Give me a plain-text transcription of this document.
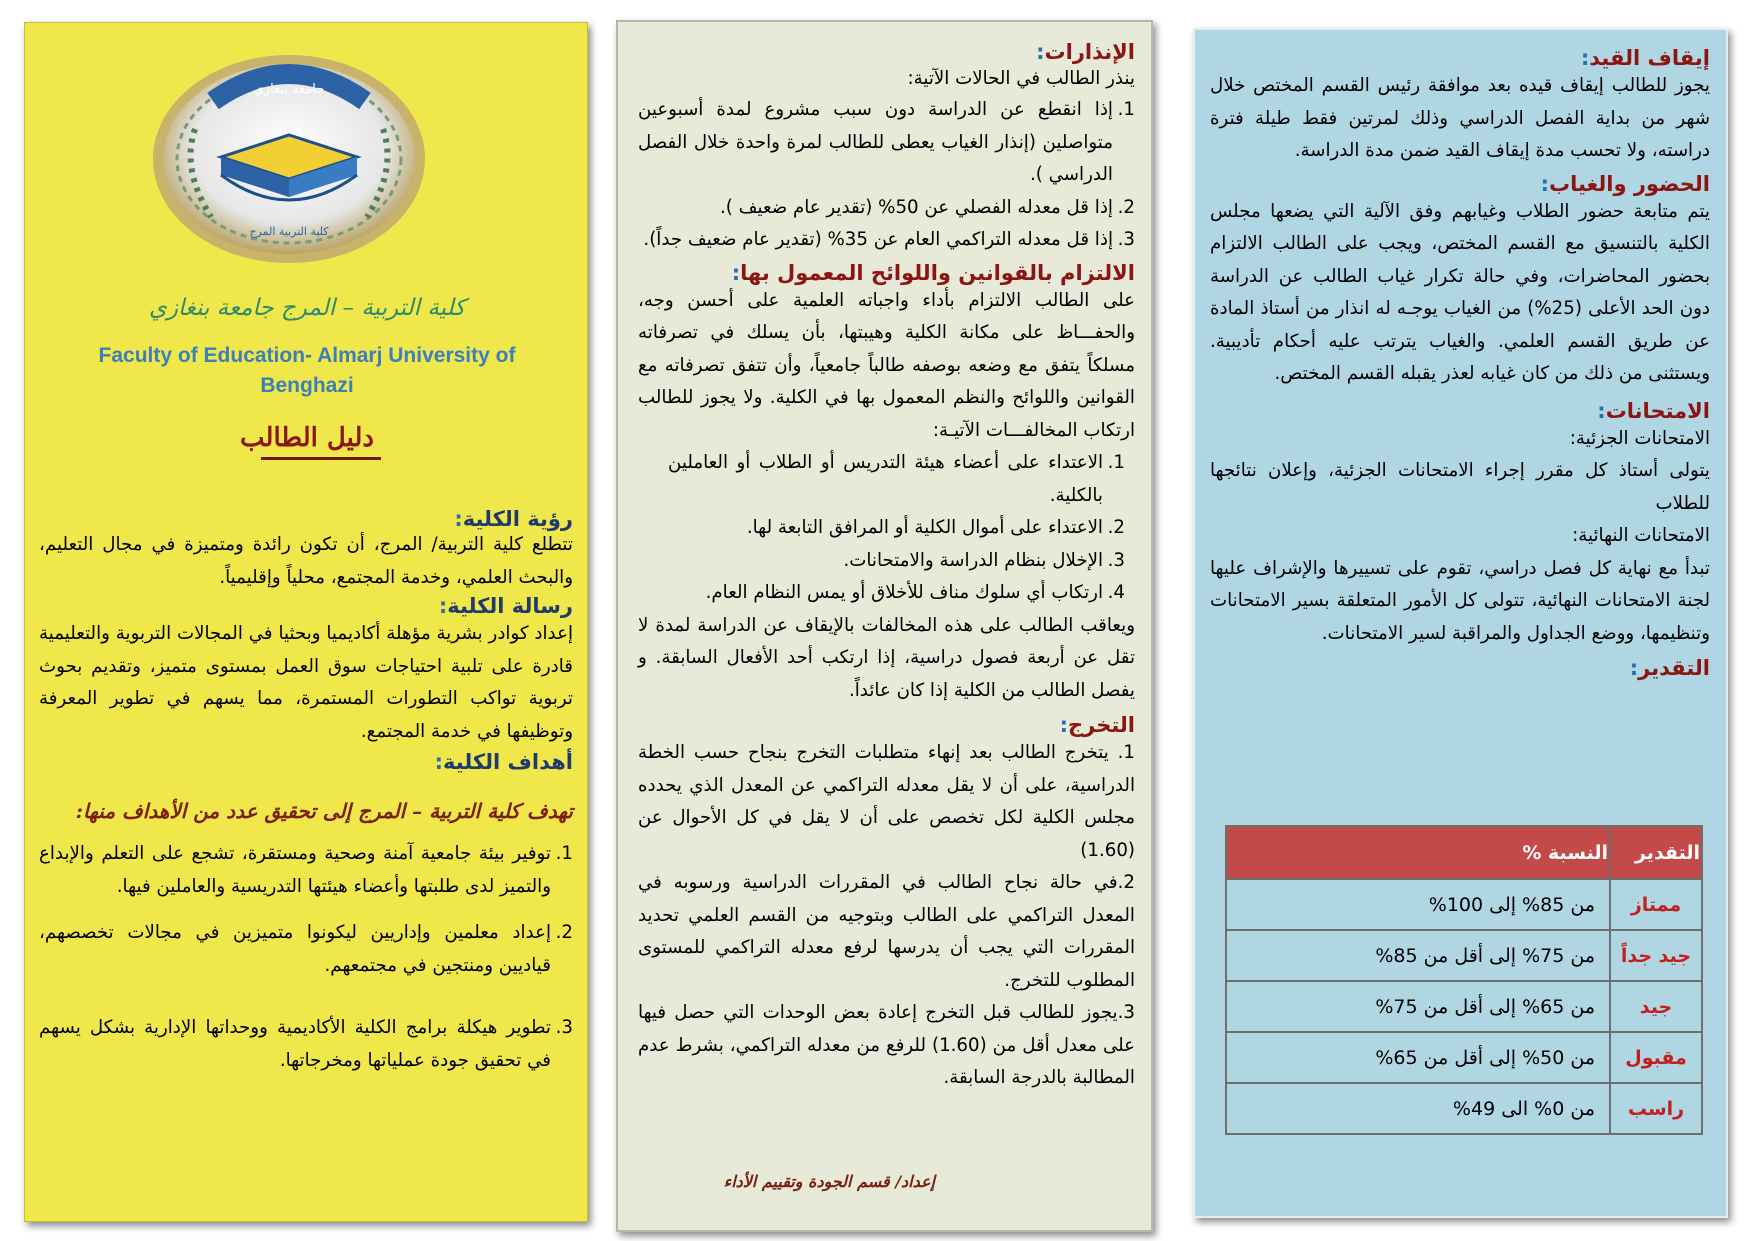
جامعة بنغازي
كلية التربية المرج
كلية التربية – المرج جامعة بنغازي
Faculty of Education- Almarj University of Benghazi
دليل الطالب
رؤية الكلية:

تتطلع كلية التربية/ المرج، أن تكون رائدة ومتميزة في مجال التعليم، والبحث العلمي، وخدمة المجتمع، محلياً وإقليمياً.

رسالة الكلية:

إعداد كوادر بشرية مؤهلة أكاديميا وبحثيا في المجالات التربوية والتعليمية قادرة على تلبية احتياجات سوق العمل بمستوى متميز، وتقديم بحوث تربوية تواكب التطورات المستمرة، مما يسهم في تطوير المعرفة وتوظيفها في خدمة المجتمع.

أهداف الكلية:

تهدف كلية التربية – المرج إلى تحقيق عدد من الأهداف منها:

1.
توفير بيئة جامعية آمنة وصحية ومستقرة، تشجع على التعلم والإبداع والتميز لدى طلبتها وأعضاء هيئتها التدريسية والعاملين فيها.
2.
إعداد معلمين وإداريين ليكونوا متميزين في مجالات تخصصهم، قياديين ومنتجين في مجتمعهم.
3.
تطوير هيكلة برامج الكلية الأكاديمية ووحداتها الإدارية بشكل يسهم في تحقيق جودة عملياتها ومخرجاتها.
الإنذارات:

ينذر الطالب في الحالات الآتية:

1.
إذا انقطع عن الدراسة دون سبب مشروع لمدة أسبوعين متواصلين (إنذار الغياب يعطى للطالب لمرة واحدة خلال الفصل الدراسي ).
2.
إذا قل معدله الفصلي عن 50% (تقدير عام ضعيف ).
3.
إذا قل معدله التراكمي العام عن 35% (تقدير عام ضعيف جداً).
الالتزام بالقوانين واللوائح المعمول بها:

على الطالب الالتزام بأداء واجباته العلمية على أحسن وجه، والحفـــاظ على مكانة الكلية وهيبتها، بأن يسلك في تصرفاته مسلكاً يتفق مع وضعه بوصفه طالباً جامعياً، وأن تتفق تصرفاته مع القوانين واللوائح والنظم المعمول بها في الكلية. ولا يجوز للطالب ارتكاب المخالفـــات الآتيـة:

1.
الاعتداء على أعضاء هيئة التدريس أو الطلاب أو العاملين بالكلية.
2.
الاعتداء على أموال الكلية أو المرافق التابعة لها.
3.
الإخلال بنظام الدراسة والامتحانات.
4.
ارتكاب أي سلوك مناف للأخلاق أو يمس النظام العام.

ويعاقب الطالب على هذه المخالفات بالإيقاف عن الدراسة لمدة لا تقل عن أربعة فصول دراسية، إذا ارتكب أحد الأفعال السابقة. و يفصل الطالب من الكلية إذا كان عائداً.

التخرج:
1. يتخرج الطالب بعد إنهاء متطلبات التخرج بنجاح حسب الخطة الدراسية، على أن لا يقل معدله التراكمي عن المعدل الذي يحدده مجلس الكلية لكل تخصص على أن لا يقل في كل الأحوال عن (1.60)
2.في حالة نجاح الطالب في المقررات الدراسية ورسوبه في المعدل التراكمي على الطالب وبتوجيه من القسم العلمي تحديد المقررات التي يجب أن يدرسها لرفع معدله التراكمي للمستوى المطلوب للتخرج.
3.يجوز للطالب قبل التخرج إعادة بعض الوحدات التي حصل فيها على معدل أقل من (1.60) للرفع من معدله التراكمي، بشرط عدم المطالبة بالدرجة السابقة.
إعداد/ قسم الجودة وتقييم الأداء
إيقاف القيد:

يجوز للطالب إيقاف قيده بعد موافقة رئيس القسم المختص خلال شهر من بداية الفصل الدراسي وذلك لمرتين فقط طيلة فترة دراسته، ولا تحسب مدة إيقاف القيد ضمن مدة الدراسة.

الحضور والغياب:

يتم متابعة حضور الطلاب وغيابهم وفق الآلية التي يضعها مجلس الكلية بالتنسيق مع القسم المختص، ويجب على الطالب الالتزام بحضور المحاضرات، وفي حالة تكرار غياب الطالب عن الدراسة دون الحد الأعلى (25%) من الغياب يوجـه له انذار من أستاذ المادة عن طريق القسم العلمي. والغياب يترتب عليه أحكام تأديبية. ويستثنى من ذلك من كان غيابه لعذر يقبله القسم المختص.

الامتحانات:

الامتحانات الجزئية:

يتولى أستاذ كل مقرر إجراء الامتحانات الجزئية، وإعلان نتائجها للطلاب

الامتحانات النهائية:

تبدأ مع نهاية كل فصل دراسي، تقوم على تسييرها والإشراف عليها لجنة الامتحانات النهائية، تتولى كل الأمور المتعلقة بسير الامتحانات وتنظيمها، ووضع الجداول والمراقبة لسير الامتحانات.

التقدير:
التقدير	النسبة %
ممتاز	من 85% إلى 100%
جيد جداً	من 75% إلى أقل من 85%
جيد	من 65% إلى أقل من 75%
مقبول	من 50% إلى أقل من 65%
راسب	من 0% الى 49%
